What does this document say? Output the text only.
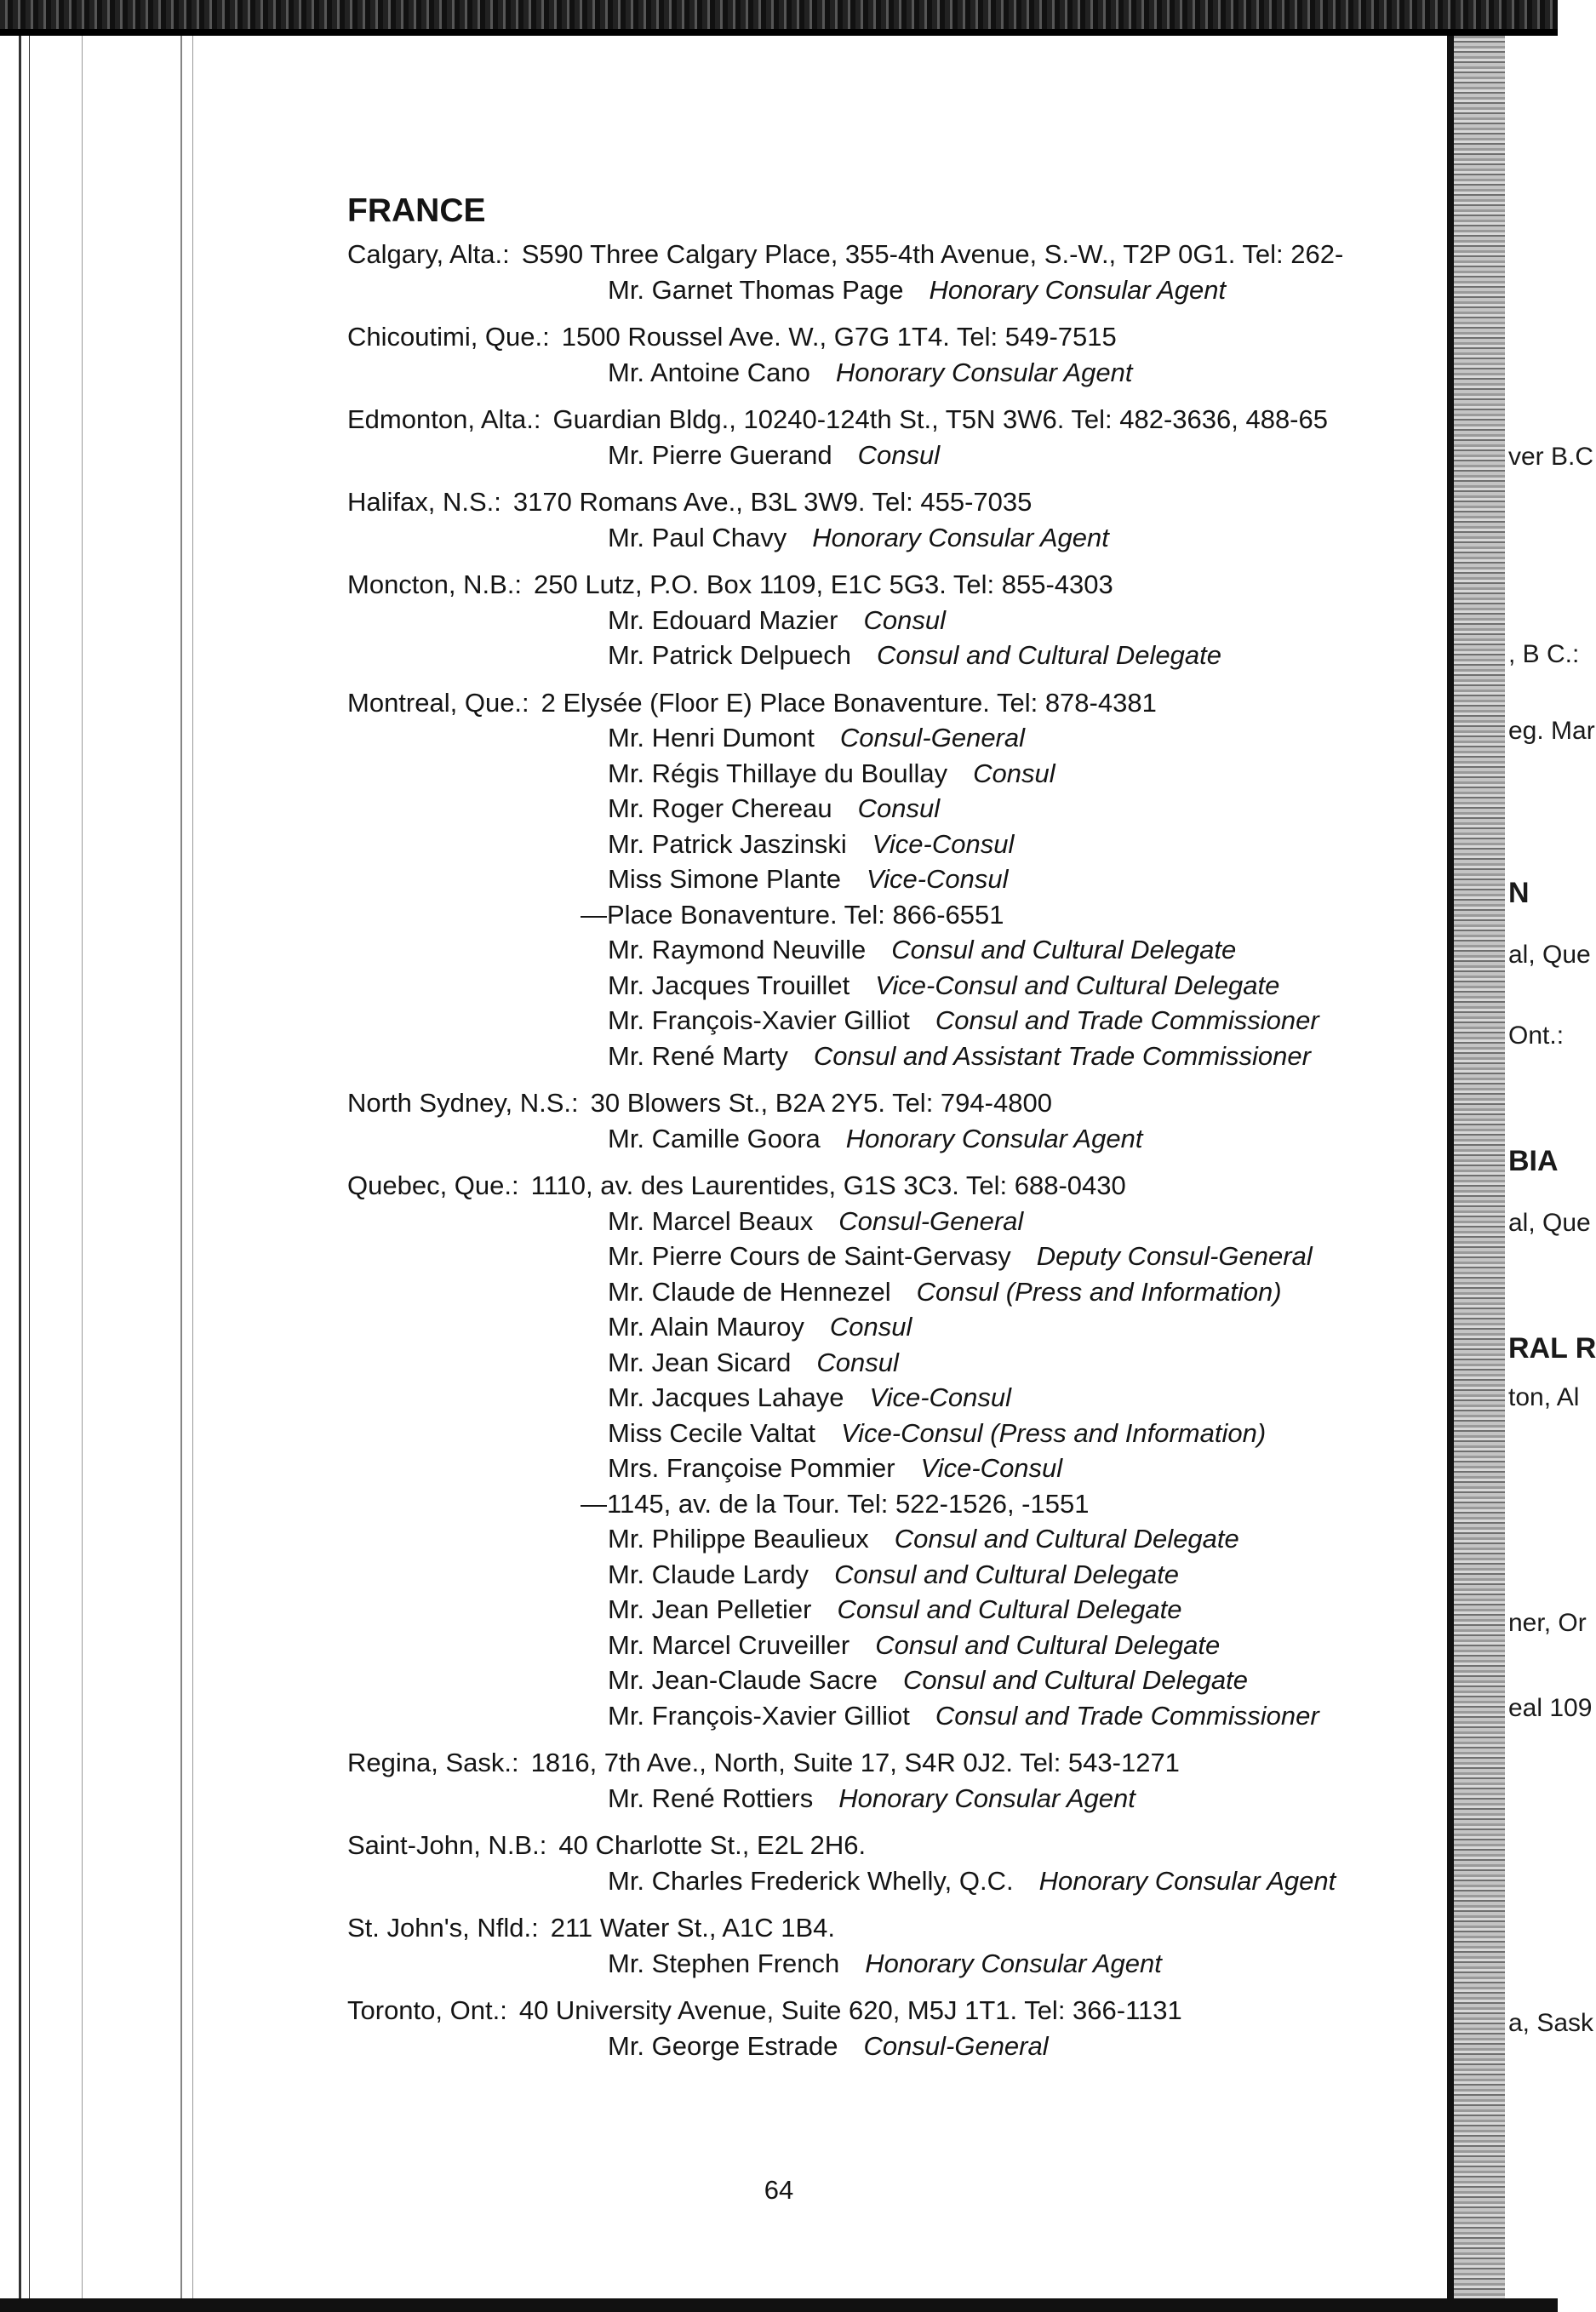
ver B.C
, B C.:
eg. Mar
N
al, Que
Ont.:
BIA
al, Que
RAL R
ton, Al
ner, Or
eal 109
a, Sask
FRANCE
Calgary, Alta.: S590 Three Calgary Place, 355-4th Avenue, S.-W., T2P 0G1. Tel: 262-
Mr. Garnet Thomas Page Honorary Consular Agent
Chicoutimi, Que.: 1500 Roussel Ave. W., G7G 1T4. Tel: 549-7515
Mr. Antoine Cano Honorary Consular Agent
Edmonton, Alta.: Guardian Bldg., 10240-124th St., T5N 3W6. Tel: 482-3636, 488-65
Mr. Pierre Guerand Consul
Halifax, N.S.: 3170 Romans Ave., B3L 3W9. Tel: 455-7035
Mr. Paul Chavy Honorary Consular Agent
Moncton, N.B.: 250 Lutz, P.O. Box 1109, E1C 5G3. Tel: 855-4303
Mr. Edouard Mazier Consul
Mr. Patrick Delpuech Consul and Cultural Delegate
Montreal, Que.: 2 Elysée (Floor E) Place Bonaventure. Tel: 878-4381
Mr. Henri Dumont Consul-General
Mr. Régis Thillaye du Boullay Consul
Mr. Roger Chereau Consul
Mr. Patrick Jaszinski Vice-Consul
Miss Simone Plante Vice-Consul
—Place Bonaventure. Tel: 866-6551
Mr. Raymond Neuville Consul and Cultural Delegate
Mr. Jacques Trouillet Vice-Consul and Cultural Delegate
Mr. François-Xavier Gilliot Consul and Trade Commissioner
Mr. René Marty Consul and Assistant Trade Commissioner
North Sydney, N.S.: 30 Blowers St., B2A 2Y5. Tel: 794-4800
Mr. Camille Goora Honorary Consular Agent
Quebec, Que.: 1110, av. des Laurentides, G1S 3C3. Tel: 688-0430
Mr. Marcel Beaux Consul-General
Mr. Pierre Cours de Saint-Gervasy Deputy Consul-General
Mr. Claude de Hennezel Consul (Press and Information)
Mr. Alain Mauroy Consul
Mr. Jean Sicard Consul
Mr. Jacques Lahaye Vice-Consul
Miss Cecile Valtat Vice-Consul (Press and Information)
Mrs. Françoise Pommier Vice-Consul
—1145, av. de la Tour. Tel: 522-1526, -1551
Mr. Philippe Beaulieux Consul and Cultural Delegate
Mr. Claude Lardy Consul and Cultural Delegate
Mr. Jean Pelletier Consul and Cultural Delegate
Mr. Marcel Cruveiller Consul and Cultural Delegate
Mr. Jean-Claude Sacre Consul and Cultural Delegate
Mr. François-Xavier Gilliot Consul and Trade Commissioner
Regina, Sask.: 1816, 7th Ave., North, Suite 17, S4R 0J2. Tel: 543-1271
Mr. René Rottiers Honorary Consular Agent
Saint-John, N.B.: 40 Charlotte St., E2L 2H6.
Mr. Charles Frederick Whelly, Q.C. Honorary Consular Agent
St. John's, Nfld.: 211 Water St., A1C 1B4.
Mr. Stephen French Honorary Consular Agent
Toronto, Ont.: 40 University Avenue, Suite 620, M5J 1T1. Tel: 366-1131
Mr. George Estrade Consul-General
64
